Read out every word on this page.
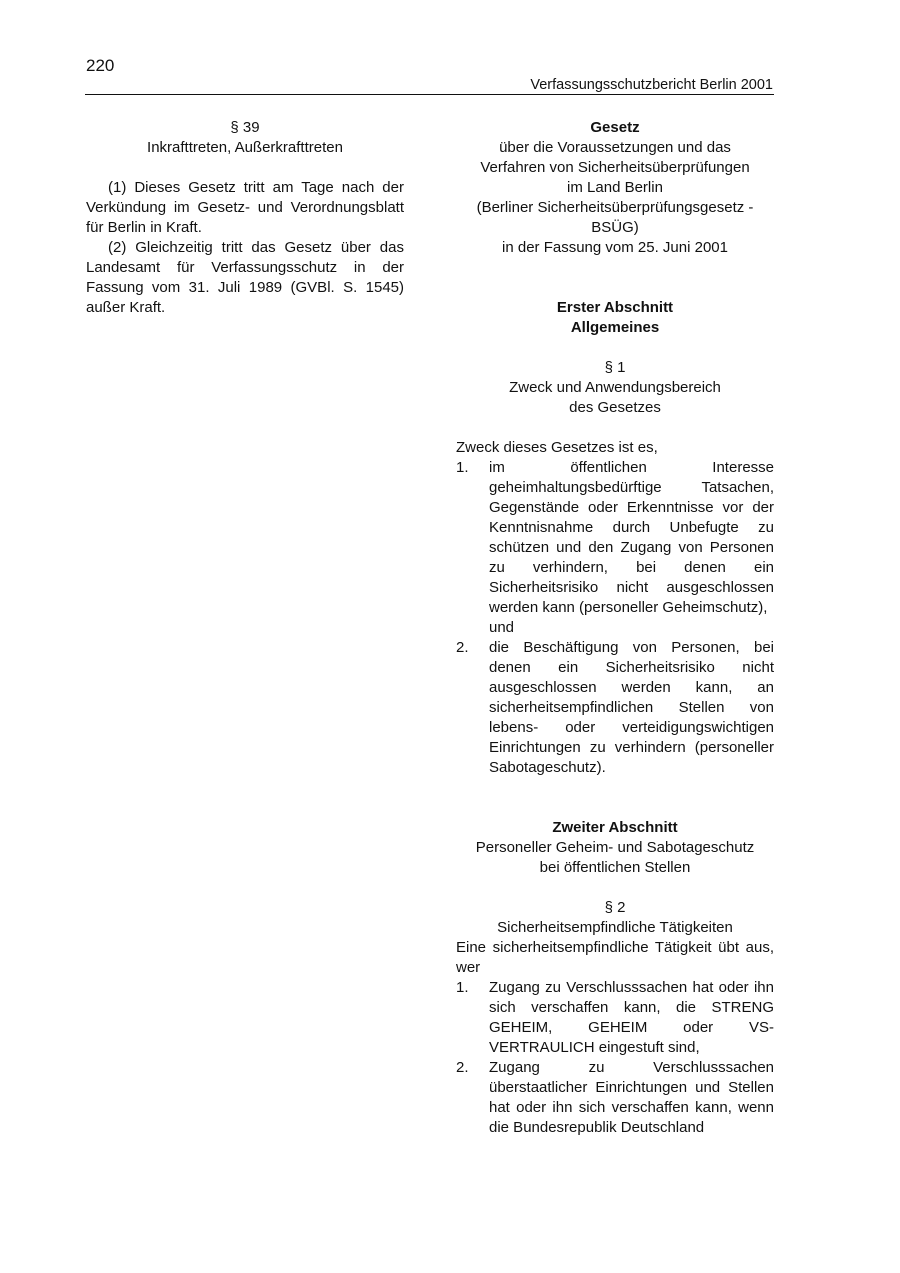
220
Verfassungsschutzbericht Berlin 2001
§ 39
Inkrafttreten, Außerkrafttreten
(1) Dieses Gesetz tritt am Tage nach der Verkündung im Gesetz- und Verordnungsblatt für Berlin in Kraft.
(2) Gleichzeitig tritt das Gesetz über das Landesamt für Verfassungsschutz in der Fassung vom 31. Juli 1989 (GVBl. S. 1545) außer Kraft.
Gesetz
über die Voraussetzungen und das
Verfahren von Sicherheitsüberprüfungen
im Land Berlin
(Berliner Sicherheitsüberprüfungsgesetz - BSÜG)
in der Fassung vom 25. Juni 2001
Erster Abschnitt
Allgemeines
§ 1
Zweck und Anwendungsbereich
des Gesetzes
Zweck dieses Gesetzes ist es,
1.	im öffentlichen Interesse geheimhaltungsbedürftige Tatsachen, Gegenstände oder Erkenntnisse vor der Kenntnisnahme durch Unbefugte zu schützen und den Zugang von Personen zu verhindern, bei denen ein Sicherheitsrisiko nicht ausgeschlossen werden kann (personeller Geheimschutz),
und
2.	die Beschäftigung von Personen, bei denen ein Sicherheitsrisiko nicht ausgeschlossen werden kann, an sicherheitsempfindlichen Stellen von lebens- oder verteidigungswichtigen Einrichtungen zu verhindern (personeller Sabotageschutz).
Zweiter Abschnitt
Personeller Geheim- und Sabotageschutz
bei öffentlichen Stellen
§ 2
Sicherheitsempfindliche Tätigkeiten
Eine sicherheitsempfindliche Tätigkeit übt aus, wer
1.	Zugang zu Verschlusssachen hat oder ihn sich verschaffen kann, die STRENG GEHEIM, GEHEIM oder VS-VERTRAULICH eingestuft sind,
2.	Zugang zu Verschlusssachen überstaatlicher Einrichtungen und Stellen hat oder ihn sich verschaffen kann, wenn die Bundesrepublik Deutschland
